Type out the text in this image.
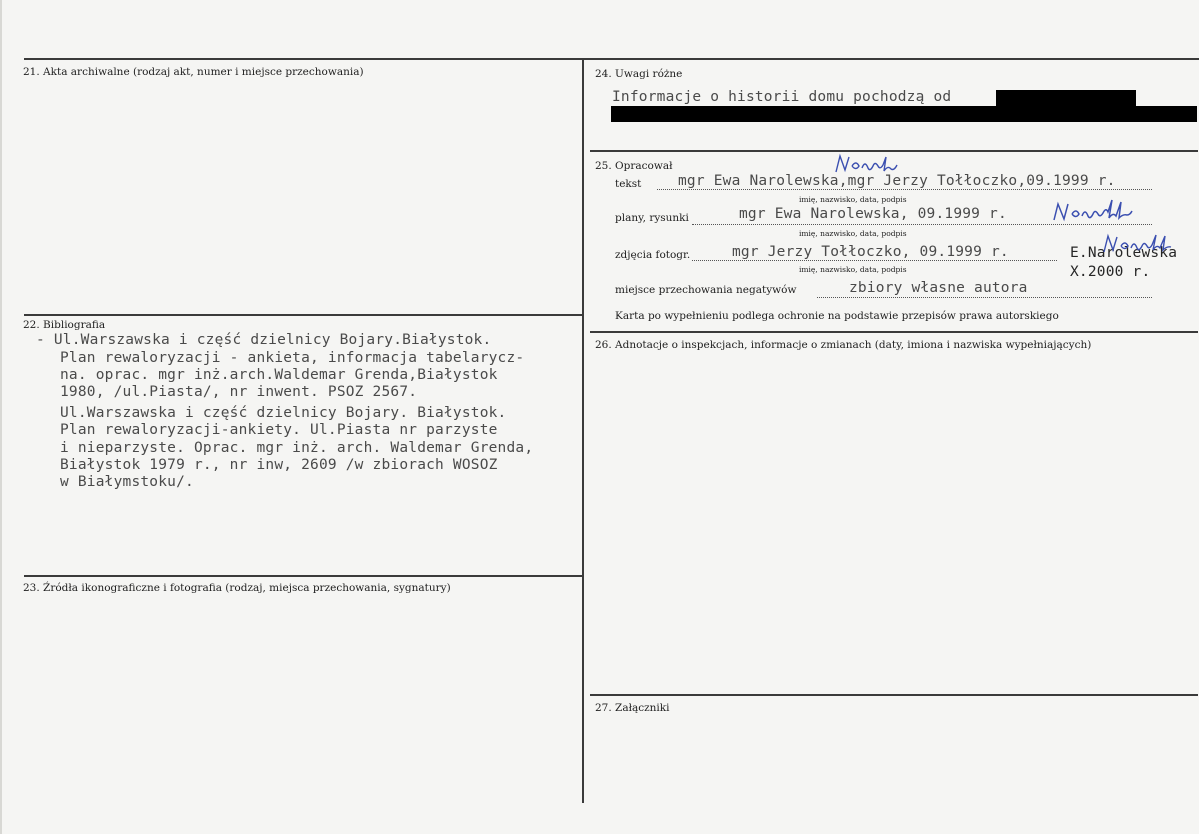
21. Akta archiwalne (rodzaj akt, numer i miejsce przechowania)
22. Bibliografia
- Ul.Warszawska i część dzielnicy Bojary.Białystok.
Plan rewaloryzacji - ankieta, informacja tabelarycz-
na. oprac. mgr inż.arch.Waldemar Grenda,Białystok
1980, /ul.Piasta/, nr inwent. PSOZ 2567.
Ul.Warszawska i część dzielnicy Bojary. Białystok.
Plan rewaloryzacji-ankiety. Ul.Piasta nr parzyste
i nieparzyste. Oprac. mgr inż. arch. Waldemar Grenda,
Białystok 1979 r., nr inw, 2609 /w zbiorach WOSOZ
w Białymstoku/.
23. Źródła ikonograficzne i fotografia (rodzaj, miejsca przechowania, sygnatury)
24. Uwagi różne
Informacje o historii domu pochodzą od
25. Opracował
tekst	mgr Ewa Narolewska,mgr Jerzy Tołłoczko,09.1999 r.
imię, nazwisko, data, podpis
plany, rysunki	mgr Ewa Narolewska, 09.1999 r.
imię, nazwisko, data, podpis
zdjęcia fotogr.	mgr Jerzy Tołłoczko, 09.1999 r.
imię, nazwisko, data, podpis
E.Narolewska
X.2000 r.
miejsce przechowania negatywów	zbiory własne autora
Karta po wypełnieniu podlega ochronie na podstawie przepisów prawa autorskiego
26. Adnotacje o inspekcjach, informacje o zmianach (daty, imiona i nazwiska wypełniających)
27. Załączniki
